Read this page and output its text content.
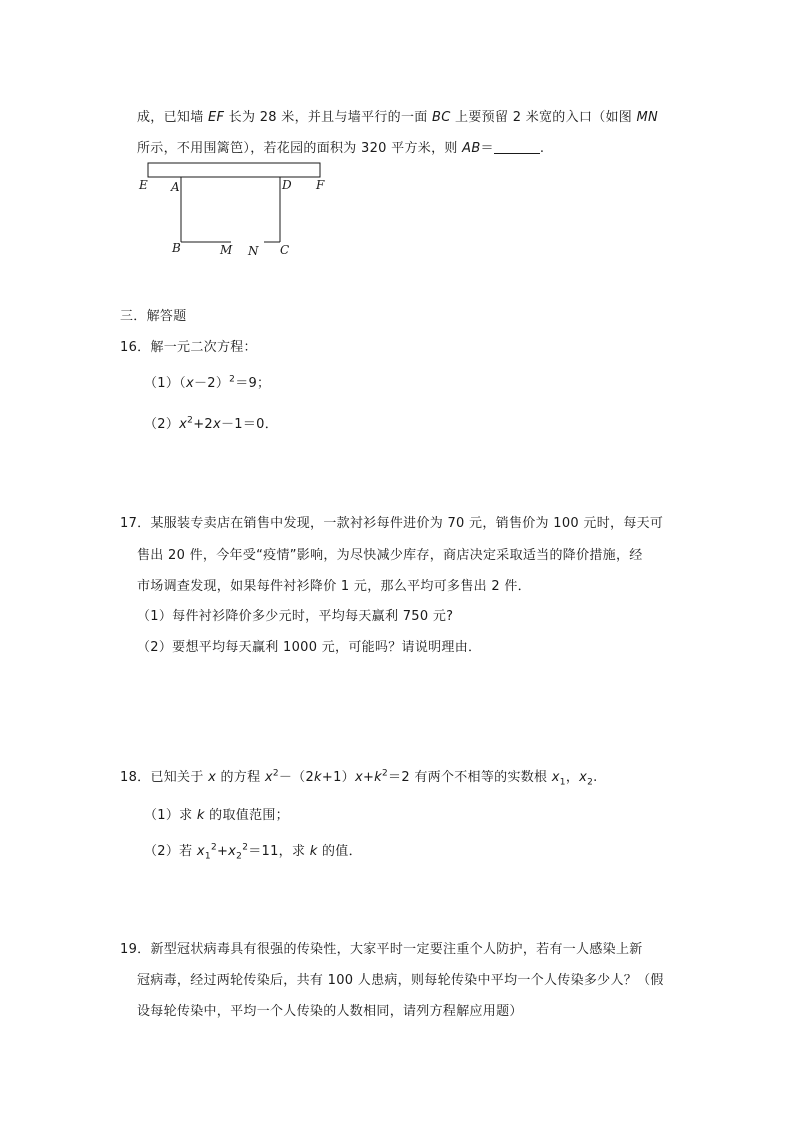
成，已知墙 EF 长为 28 米，并且与墙平行的一面 BC 上要预留 2 米宽的入口（如图 MN
所示，不用围篱笆），若花园的面积为 320 平方米，则 AB＝	.
E A	D F
B	M N C
三．解答题
16．解一元二次方程：
$(1)(x-2)^2=9$；
$(2)x^2+2x-1=0$．
17．某服装专卖店在销售中发现，一款衬衫每件进价为 70 元，销售价为 100 元时，每天可
售出 20 件，今年受“疫情”影响，为尽快减少库存，商店决定采取适当的降价措施，经
市场调查发现，如果每件衬衫降价 1 元，那么平均可多售出 2 件．
（1）每件衬衫降价多少元时，平均每天赢利 750 元?
（2）要想平均每天赢利 1000 元，可能吗？请说明理由．
18．已知关于 x 的方程 $x^2-(2k+1)x+k^2=2$ 有两个不相等的实数根 $x_1$，$x_2$.
（1）求 k 的取值范围；
（2）若 $x_1^2+x_2^2=11$，求 k 的值．
19．新型冠状病毒具有很强的传染性，大家平时一定要注重个人防护，若有一人感染上新
冠病毒，经过两轮传染后，共有 100 人患病，则每轮传染中平均一个人传染多少人？（假
设每轮传染中，平均一个人传染的人数相同，请列方程解应用题）
